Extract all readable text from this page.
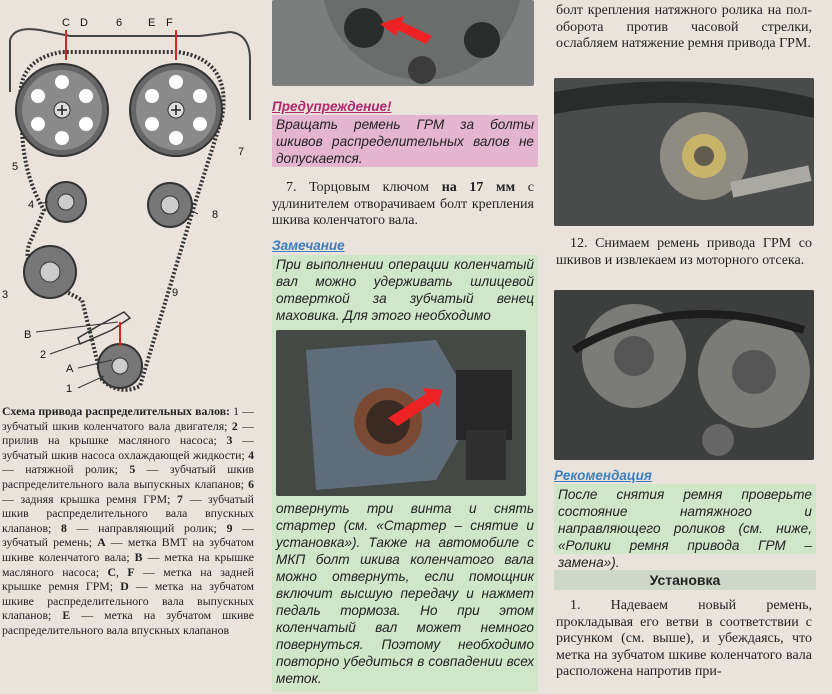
C D	6 E F
5
7
4
8
3	9
B
2
A
1
Схема привода распределительных валов: 1 — зубчатый шкив коленчатого вала двигателя; 2 — прилив на крышке масляного насоса; 3 — зубчатый шкив насоса охлаждающей жидкости; 4 — натяжной ролик; 5 — зубчатый шкив распределительного вала выпускных клапанов; 6 — задняя крышка ремня ГРМ; 7 — зубчатый шкив распределительного вала впускных клапанов; 8 — направляющий ролик; 9 — зубчатый ремень; A — метка ВМТ на зубчатом шкиве коленчатого вала; B — метка на крышке масляного насоса; C, F — метка на задней крышке ремня ГРМ; D — метка на зубчатом шкиве распределительного вала выпускных клапанов; E — метка на зубчатом шкиве распределительного вала впускных клапанов
Предупреждение!
Вращать ремень ГРМ за болты шкивов распределительных валов не допускается.
7. Торцовым ключом на 17 мм с удлинителем отворачиваем болт крепления шкива коленчатого вала.
Замечание
При выполнении операции коленчатый вал можно удерживать шлицевой отверткой за зубчатый венец маховика. Для этого необходимо
отвернуть три винта и снять стартер (см. «Стартер – снятие и установка»). Также на автомобиле с МКП болт шкива коленчатого вала можно отвернуть, если помощник включит высшую передачу и нажмет педаль тормоза. Но при этом коленчатый вал может немного повернуться. Поэтому необходимо повторно убедиться в совпадении всех меток.
болт крепления натяжного ролика на пол-оборота против часовой стрелки, ослабляем натяжение ремня привода ГРМ.
12. Снимаем ремень привода ГРМ со шкивов и извлекаем из моторного отсека.
Рекомендация
После снятия ремня проверьте состояние натяжного и направляющего роликов (см. ниже, «Ролики ремня привода ГРМ – замена»).
Установка
1. Надеваем новый ремень, прокладывая его ветви в соответствии с рисунком (см. выше), и убеждаясь, что метка на зубчатом шкиве коленчатого вала расположена напротив при-
